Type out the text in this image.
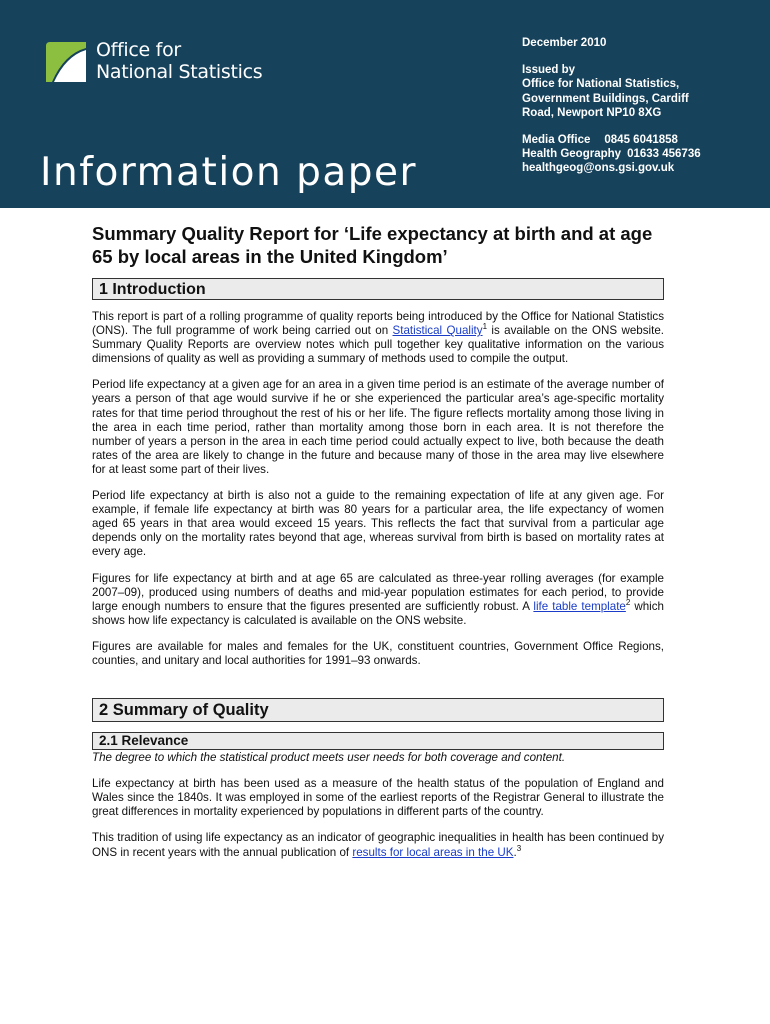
Office for
National Statistics
Information paper
December 2010
Issued by
Office for National Statistics,
Government Buildings, Cardiff
Road, Newport NP10 8XG
Media Office 0845 6041858
Health Geography 01633 456736
healthgeog@ons.gsi.gov.uk
Summary Quality Report for ‘Life expectancy at birth and at age 65 by local areas in the United Kingdom’
1 Introduction

This report is part of a rolling programme of quality reports being introduced by the Office for National Statistics (ONS). The full programme of work being carried out on Statistical Quality$^1$ is available on the ONS website. Summary Quality Reports are overview notes which pull together key qualitative information on the various dimensions of quality as well as providing a summary of methods used to compile the output.

Period life expectancy at a given age for an area in a given time period is an estimate of the average number of years a person of that age would survive if he or she experienced the particular area’s age-specific mortality rates for that time period throughout the rest of his or her life. The figure reflects mortality among those living in the area in each time period, rather than mortality among those born in each area. It is not therefore the number of years a person in the area in each time period could actually expect to live, both because the death rates of the area are likely to change in the future and because many of those in the area may live elsewhere for at least some part of their lives.

Period life expectancy at birth is also not a guide to the remaining expectation of life at any given age. For example, if female life expectancy at birth was 80 years for a particular area, the life expectancy of women aged 65 years in that area would exceed 15 years. This reflects the fact that survival from a particular age depends only on the mortality rates beyond that age, whereas survival from birth is based on mortality rates at every age.

Figures for life expectancy at birth and at age 65 are calculated as three-year rolling averages (for example 2007–09), produced using numbers of deaths and mid-year population estimates for each period, to provide large enough numbers to ensure that the figures presented are sufficiently robust. A life table template$^2$ which shows how life expectancy is calculated is available on the ONS website.

Figures are available for males and females for the UK, constituent countries, Government Office Regions, counties, and unitary and local authorities for 1991–93 onwards.

2 Summary of Quality
2.1 Relevance

The degree to which the statistical product meets user needs for both coverage and content.

Life expectancy at birth has been used as a measure of the health status of the population of England and Wales since the 1840s. It was employed in some of the earliest reports of the Registrar General to illustrate the great differences in mortality experienced by populations in different parts of the country.

This tradition of using life expectancy as an indicator of geographic inequalities in health has been continued by ONS in recent years with the annual publication of results for local areas in the UK.$^3$
